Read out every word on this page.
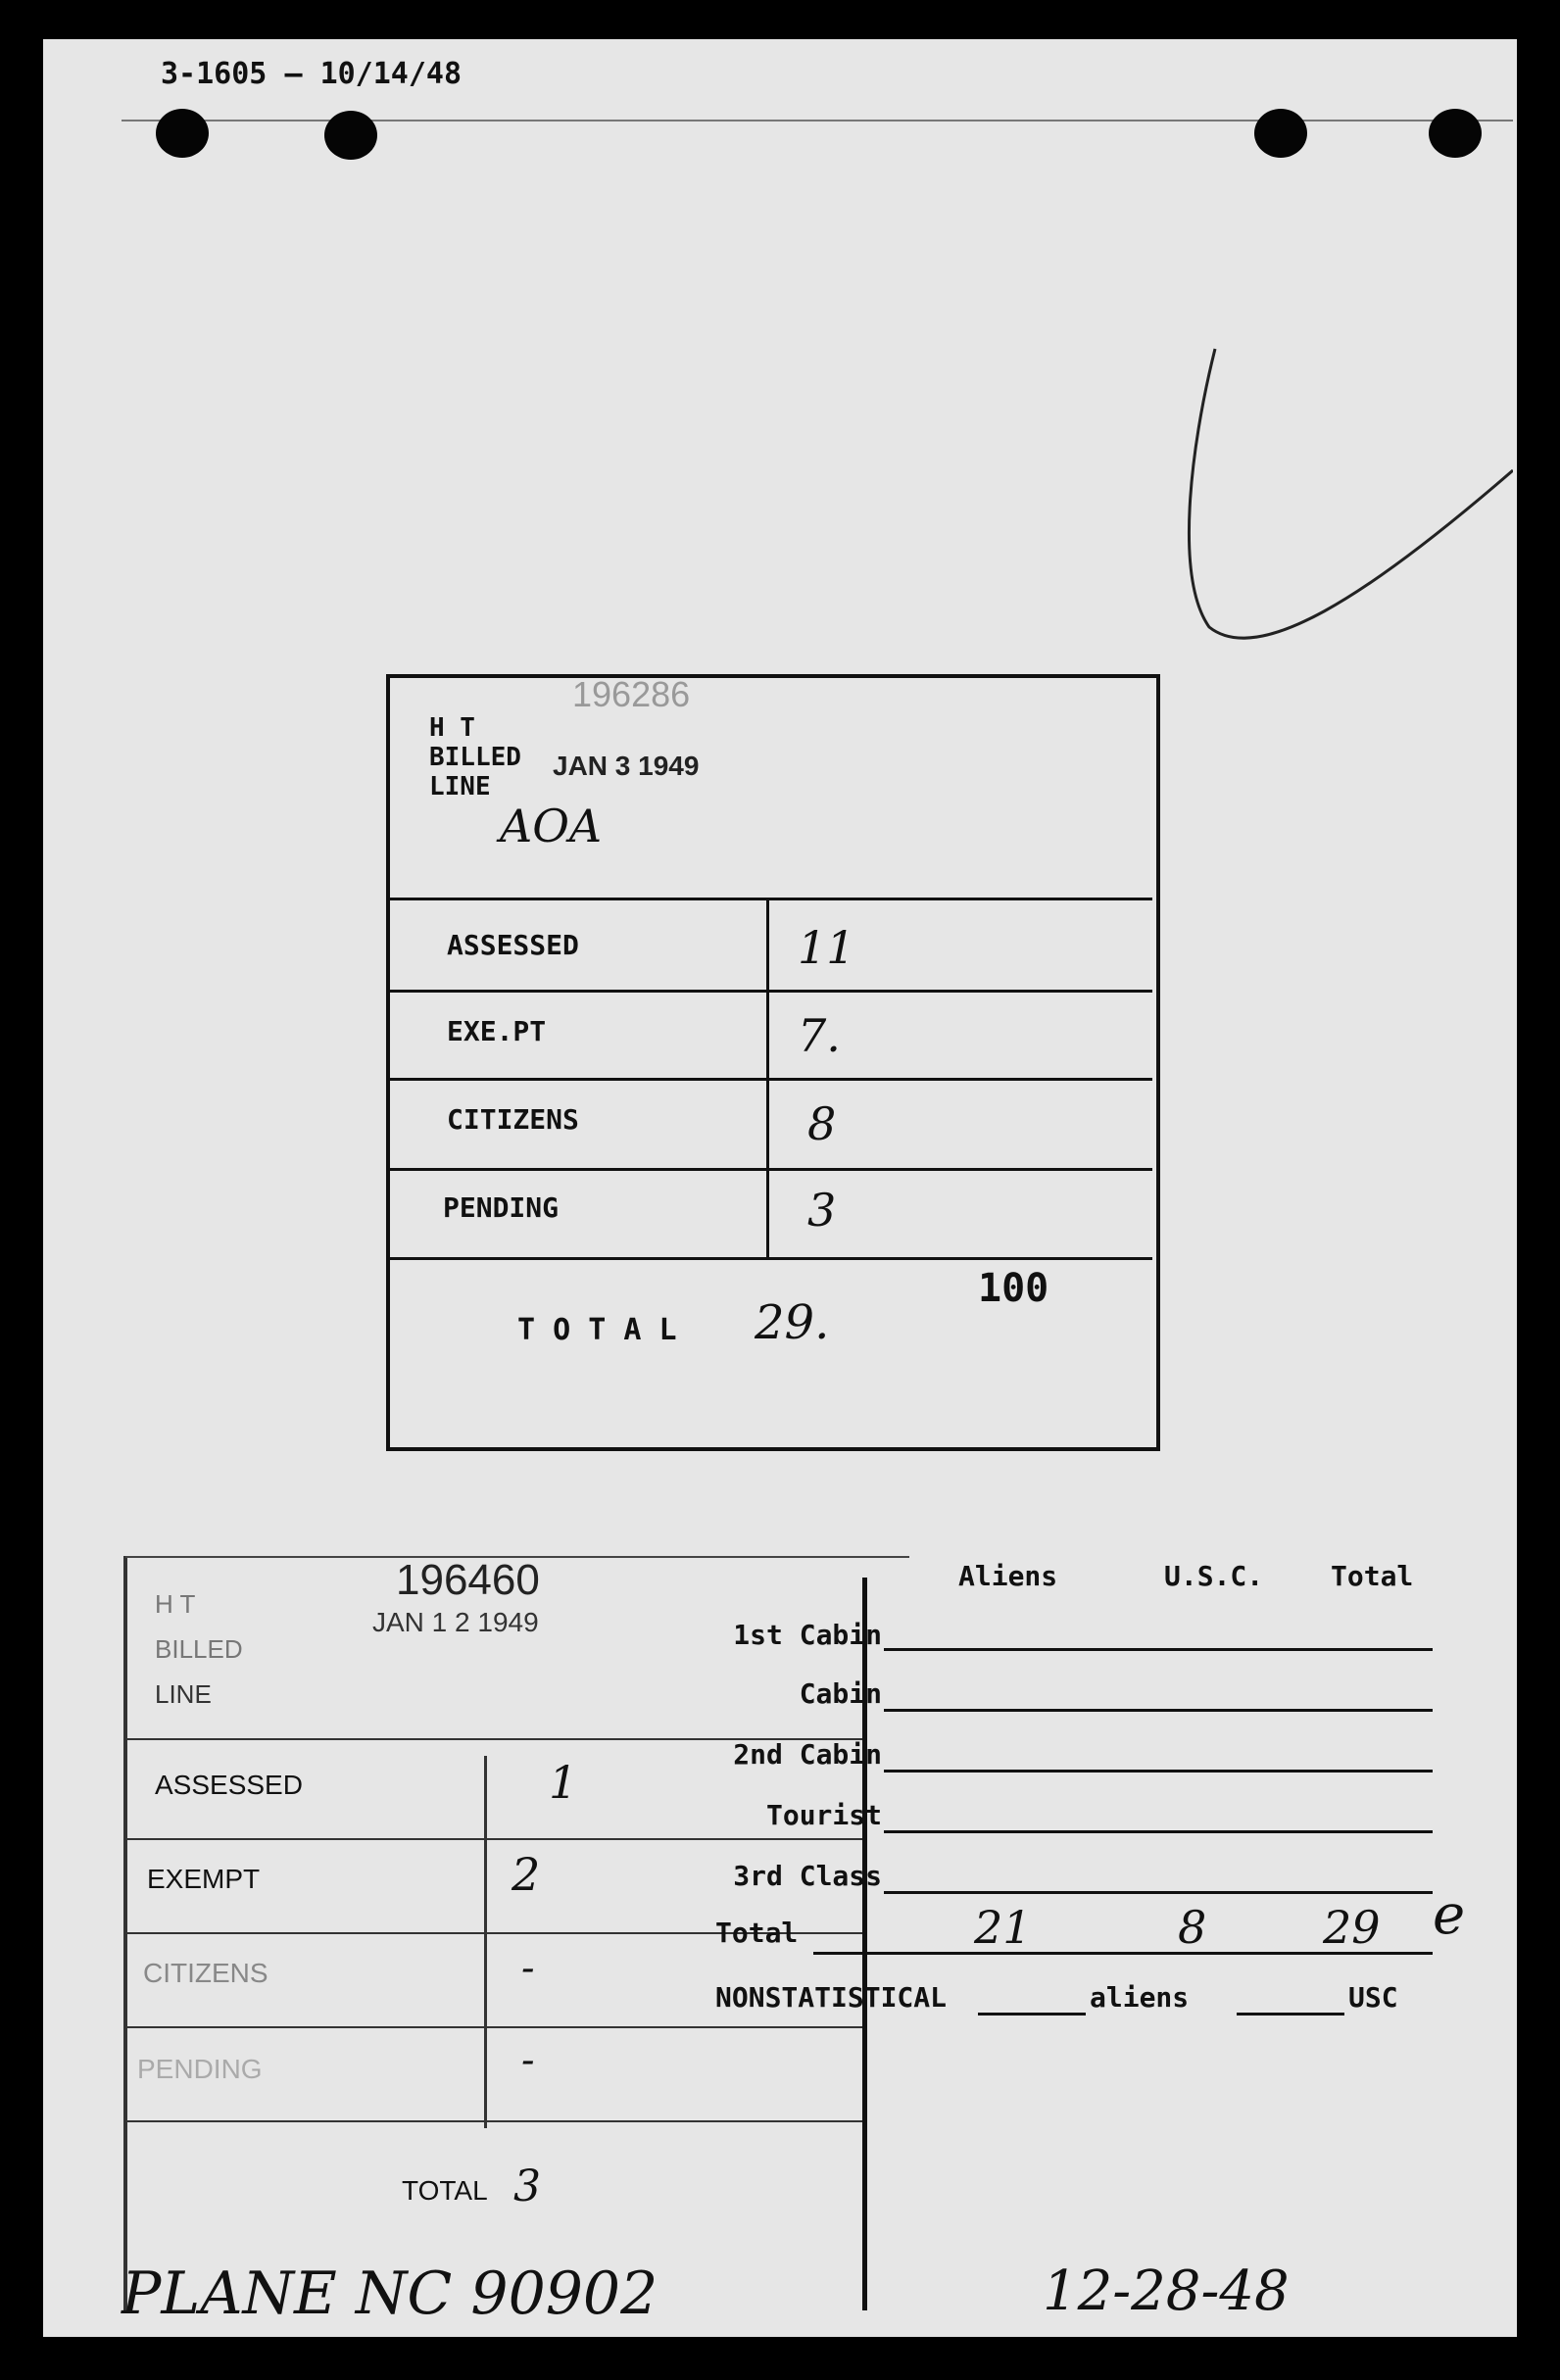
3-1605 — 10/14/48
196286
H T
BILLED
LINE
JAN 3 1949
AOA
ASSESSED	11
EXE.PT	7.
CITIZENS	8
PENDING	3
T O T A L 29.
100
196460
JAN 1 2 1949
H T
BILLED
LINE
ASSESSED	1
EXEMPT	2
CITIZENS	-
PENDING	-
TOTAL 3
Aliens	U.S.C. Total
1st Cabin
Cabin
2nd Cabin
Tourist
3rd Class
Total	21	8	29 e
NONSTATISTICAL	aliens	USC
PLANE NC 90902	12-28-48
